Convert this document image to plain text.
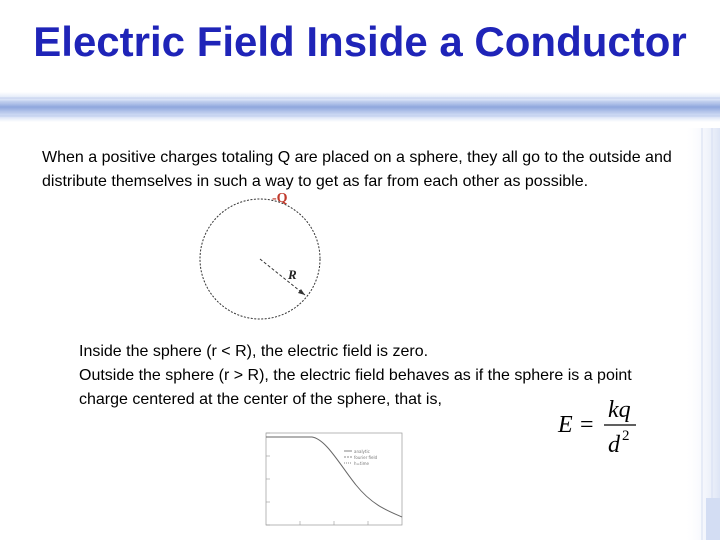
Electric Field Inside a Conductor
When a positive charges totaling Q are placed on a sphere, they all go to the outside and distribute themselves in such a way to get as far from each other as possible.
-Q
R
Inside the sphere (r < R), the electric field is zero.
Outside the sphere (r > R), the electric field behaves as if the sphere is a point charge centered at the center of the sphere, that is,
E =
kq
d 2
analytic
fourier field
h=time
